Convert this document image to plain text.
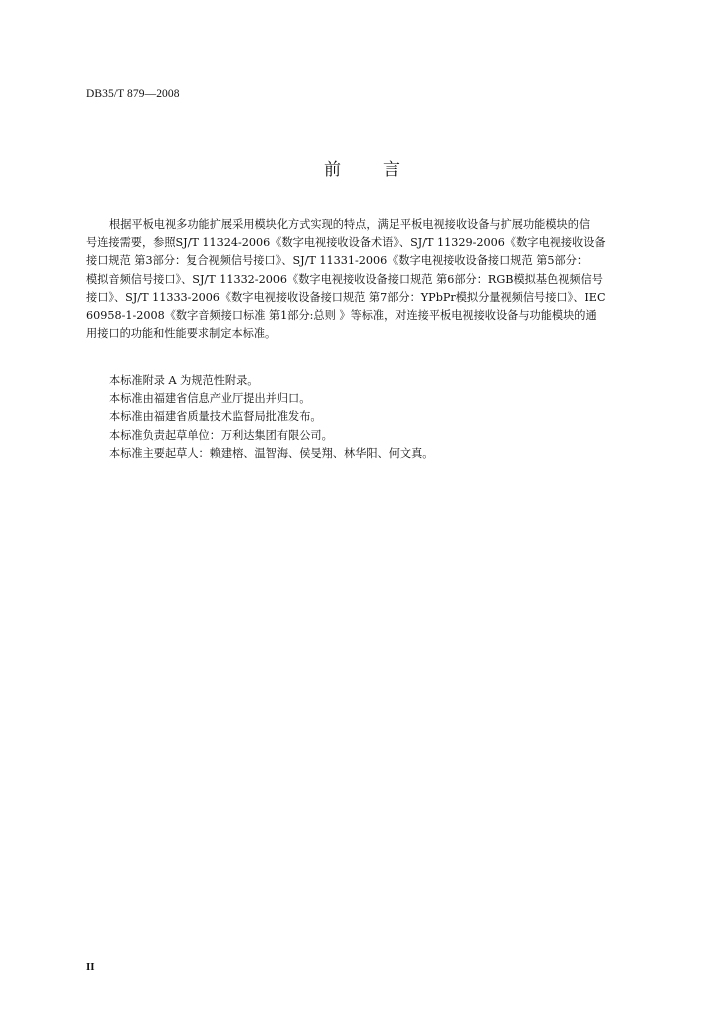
DB35/T 879—2008
前 言
根据平板电视多功能扩展采用模块化方式实现的特点，满足平板电视接收设备与扩展功能模块的信
号连接需要，参照SJ/T 11324-2006《数字电视接收设备术语》、SJ/T 11329-2006《数字电视接收设备
接口规范 第3部分：复合视频信号接口》、SJ/T 11331-2006《数字电视接收设备接口规范 第5部分：
模拟音频信号接口》、SJ/T 11332-2006《数字电视接收设备接口规范 第6部分：RGB模拟基色视频信号
接口》、SJ/T 11333-2006《数字电视接收设备接口规范 第7部分：YPbPr模拟分量视频信号接口》、IEC
60958-1-2008《数字音频接口标准 第1部分:总则 》等标准，对连接平板电视接收设备与功能模块的通
用接口的功能和性能要求制定本标准。
本标准附录 A 为规范性附录。
本标准由福建省信息产业厅提出并归口。
本标准由福建省质量技术监督局批准发布。
本标准负责起草单位：万利达集团有限公司。
本标准主要起草人：赖建榕、温智海、侯旻翔、林华阳、何文真。
II
